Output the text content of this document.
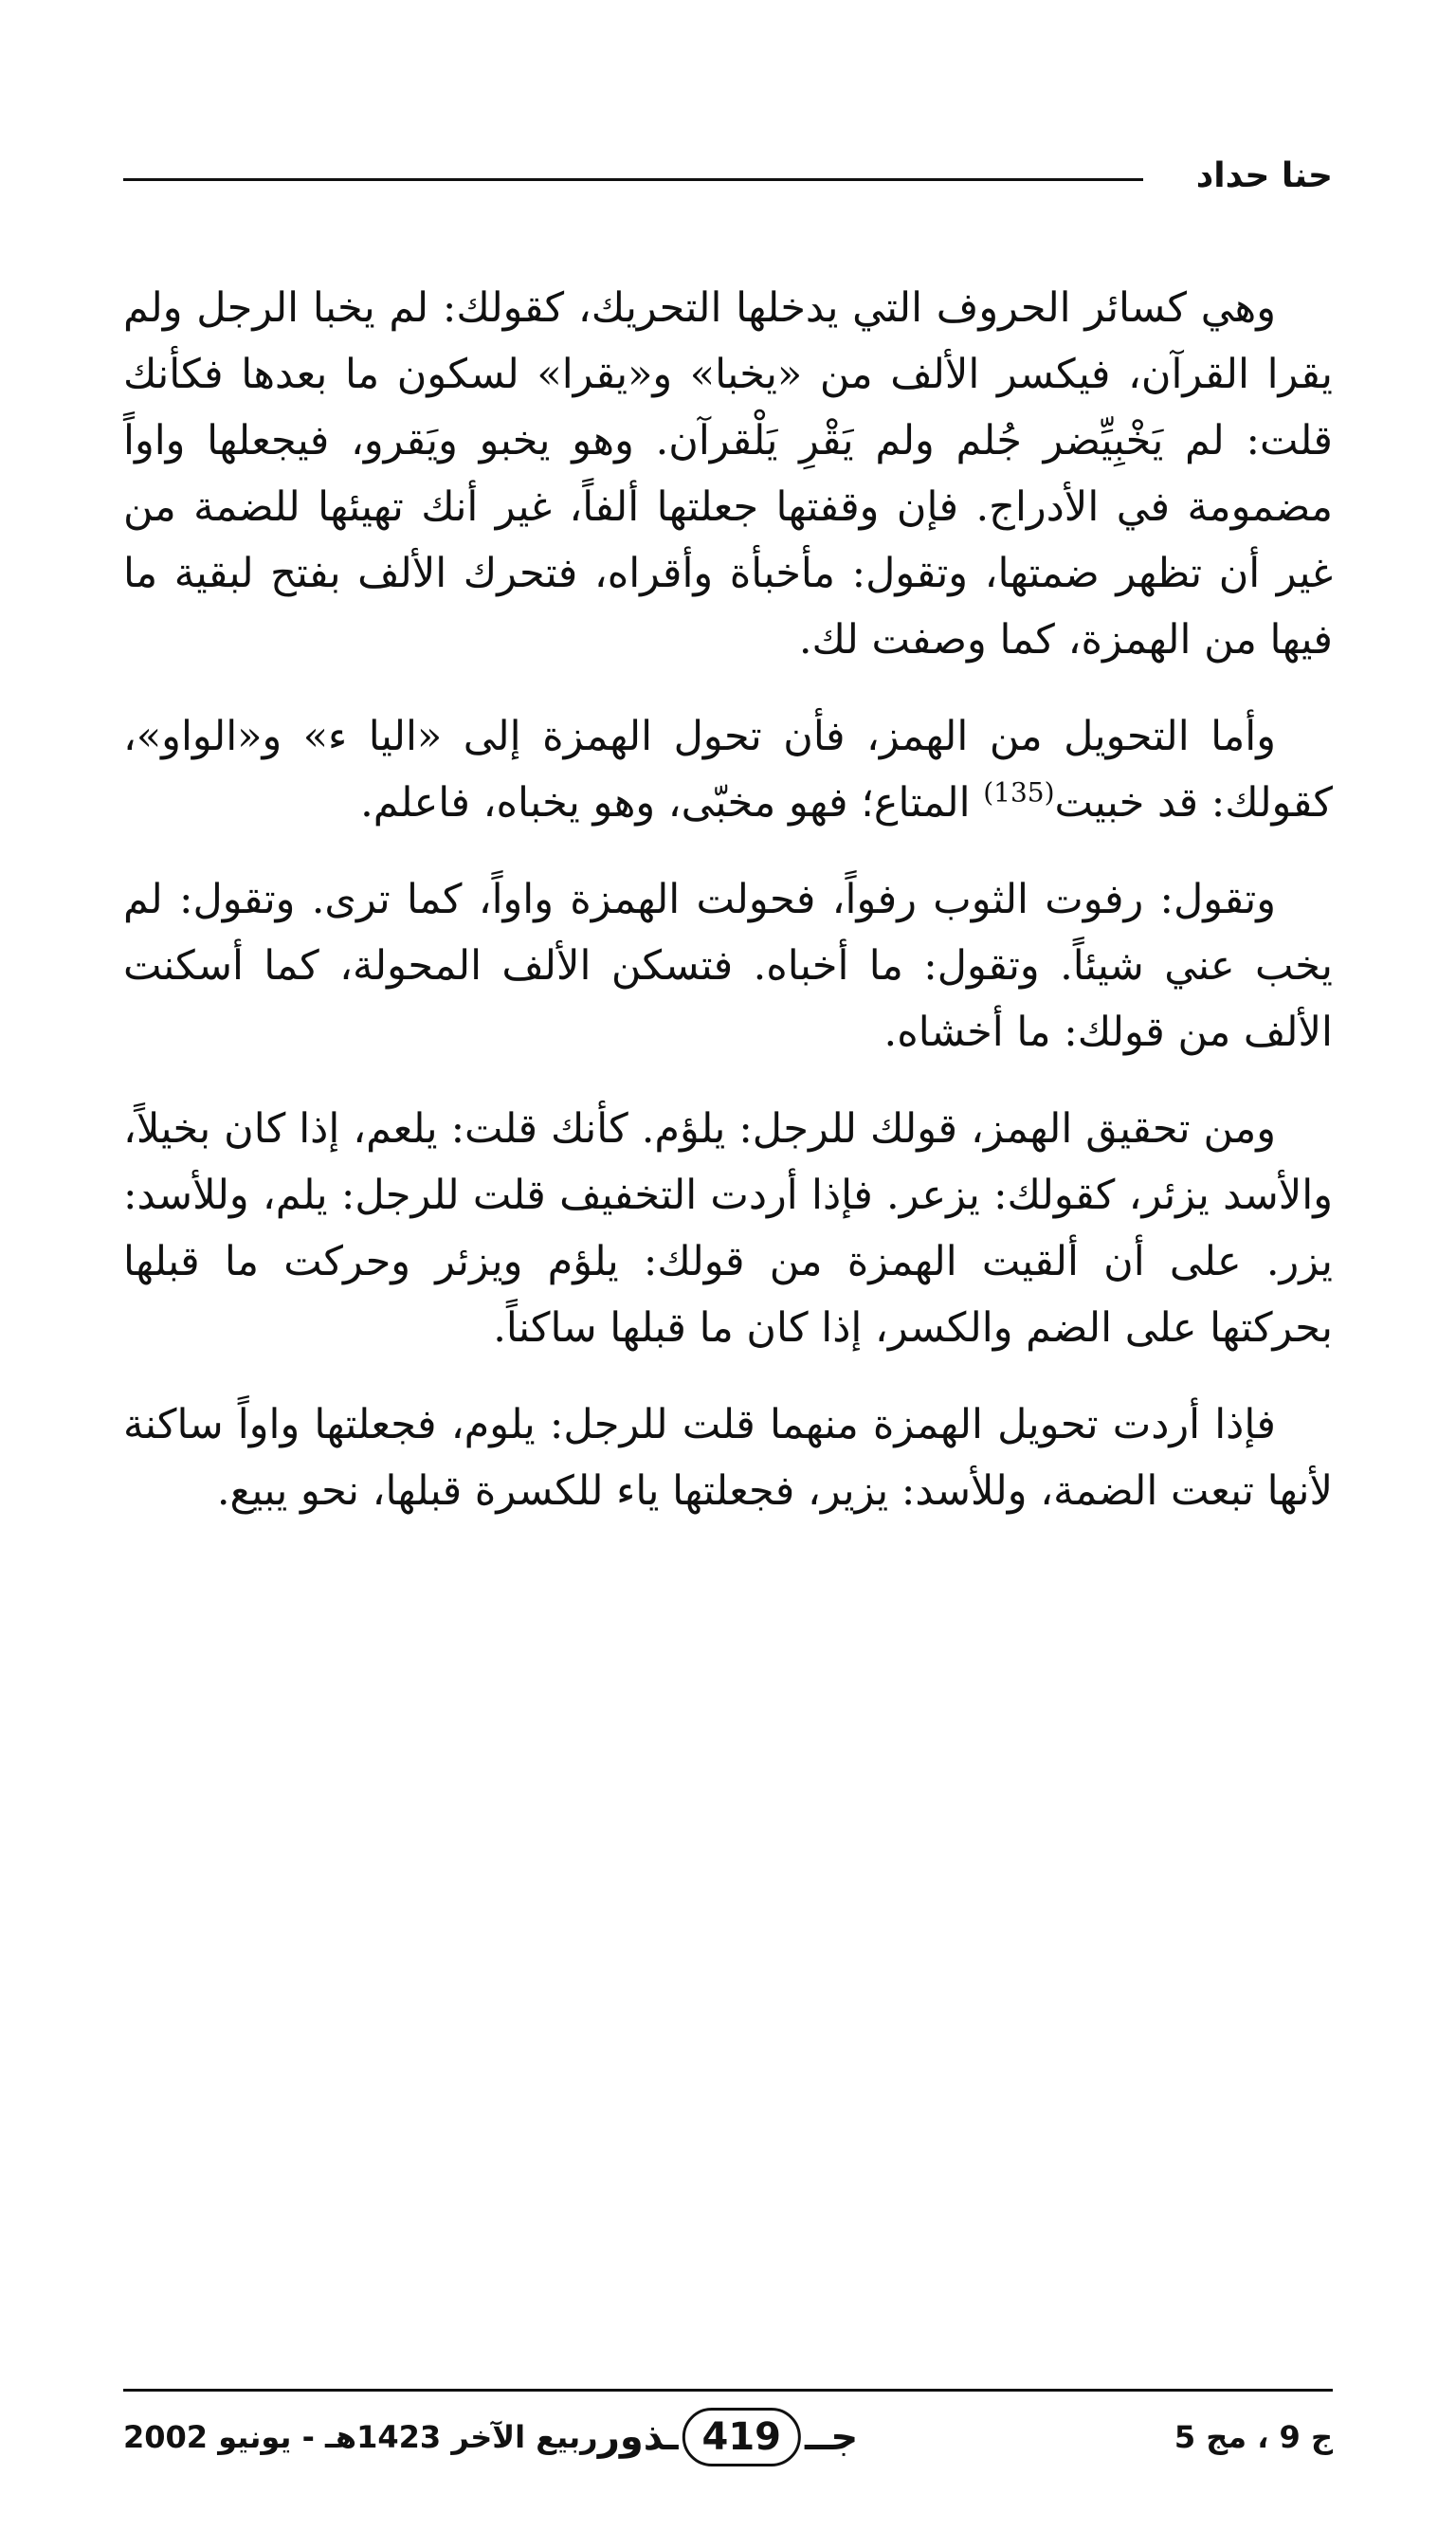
حنا حداد

وهي كسائر الحروف التي يدخلها التحريك، كقولك: لم يخبا الرجل ولم يقرا القرآن، فيكسر الألف من «يخبا» و«يقرا» لسكون ما بعدها فكأنك قلت: لم يَخْبِيِّضر جُلم ولم يَقْرِ يَلْقرآن. وهو يخبو ويَقرو، فيجعلها واواً مضمومة في الأدراج. فإن وقفتها جعلتها ألفاً، غير أنك تهيئها للضمة من غير أن تظهر ضمتها، وتقول: مأخبأة وأقراه، فتحرك الألف بفتح لبقية ما فيها من الهمزة، كما وصفت لك.

وأما التحويل من الهمز، فأن تحول الهمزة إلى «اليا ء» و«الواو»، كقولك: قد خبيت$^{(135)}$ المتاع؛ فهو مخبّى، وهو يخباه، فاعلم.

وتقول: رفوت الثوب رفواً، فحولت الهمزة واواً، كما ترى. وتقول: لم يخب عني شيئاً. وتقول: ما أخباه. فتسكن الألف المحولة، كما أسكنت الألف من قولك: ما أخشاه.

ومن تحقيق الهمز، قولك للرجل: يلؤم. كأنك قلت: يلعم، إذا كان بخيلاً، والأسد يزئر، كقولك: يزعر. فإذا أردت التخفيف قلت للرجل: يلم، وللأسد: يزر. على أن ألقيت الهمزة من قولك: يلؤم ويزئر وحركت ما قبلها بحركتها على الضم والكسر، إذا كان ما قبلها ساكناً.

فإذا أردت تحويل الهمزة منهما قلت للرجل: يلوم، فجعلتها واواً ساكنة لأنها تبعت الضمة، وللأسد: يزير، فجعلتها ياء للكسرة قبلها، نحو يبيع.

ج 9 ، مج 5
جــ
419
ـذور
ربيع الآخر 1423هـ - يونيو 2002
